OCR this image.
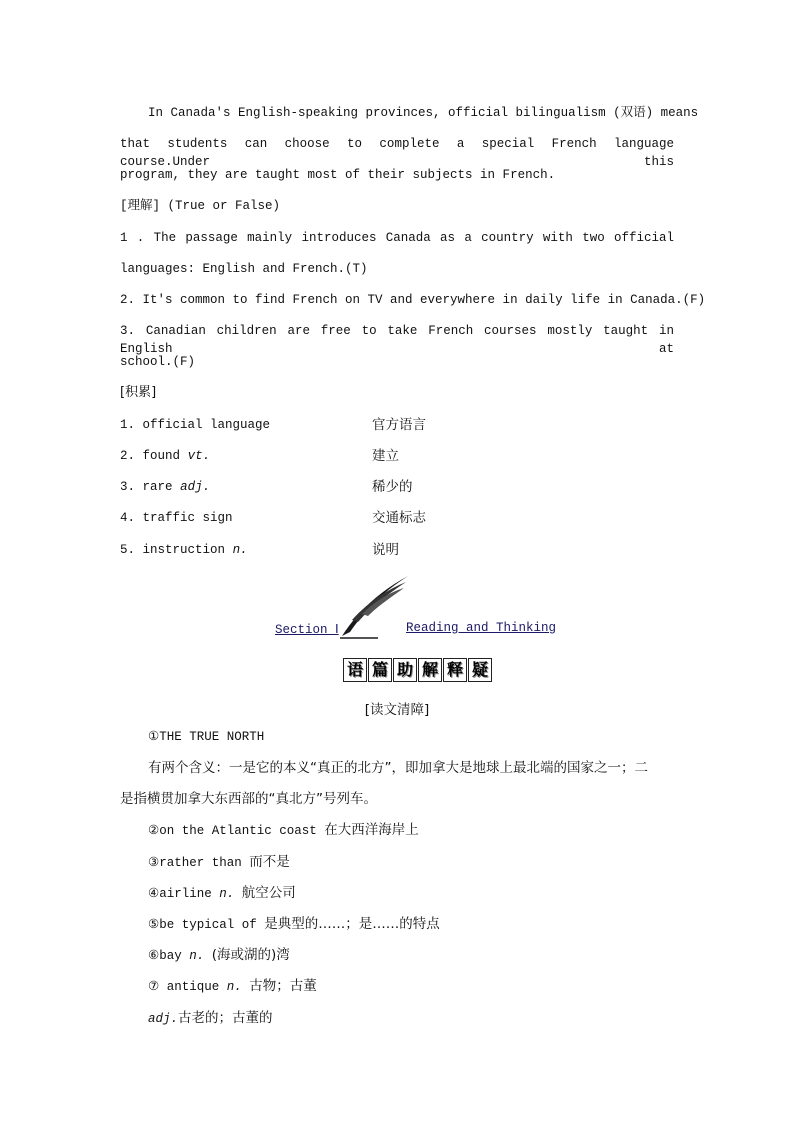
In Canada's English-speaking provinces, official bilingualism (双语) means
that students can choose to complete a special French language course.Under this
program, they are taught most of their subjects in French.
[理解] (True or False)
1 . The passage mainly introduces Canada as a country with two official
languages: English and French.(T)
2. It's common to find French on TV and everywhere in daily life in Canada.(F)
3. Canadian children are free to take French courses mostly taught in English at
school.(F)
[积累]
1. official language	官方语言
2. found vt.	建立
3. rare adj.	稀少的
4. traffic sign	交通标志
5. instruction n.	说明
Section Ⅰ	Reading and Thinking
语 篇 助 解 释 疑
[读文清障]
①THE TRUE NORTH
有两个含义：一是它的本义“真正的北方”，即加拿大是地球上最北端的国家之一；二
是指横贯加拿大东西部的“真北方”号列车。
②on the Atlantic coast 在大西洋海岸上
③rather than 而不是
④airline n. 航空公司
⑤be typical of 是典型的……；是……的特点
⑥bay n. (海或湖的)湾
⑦ antique n. 古物；古董
adj.古老的；古董的
